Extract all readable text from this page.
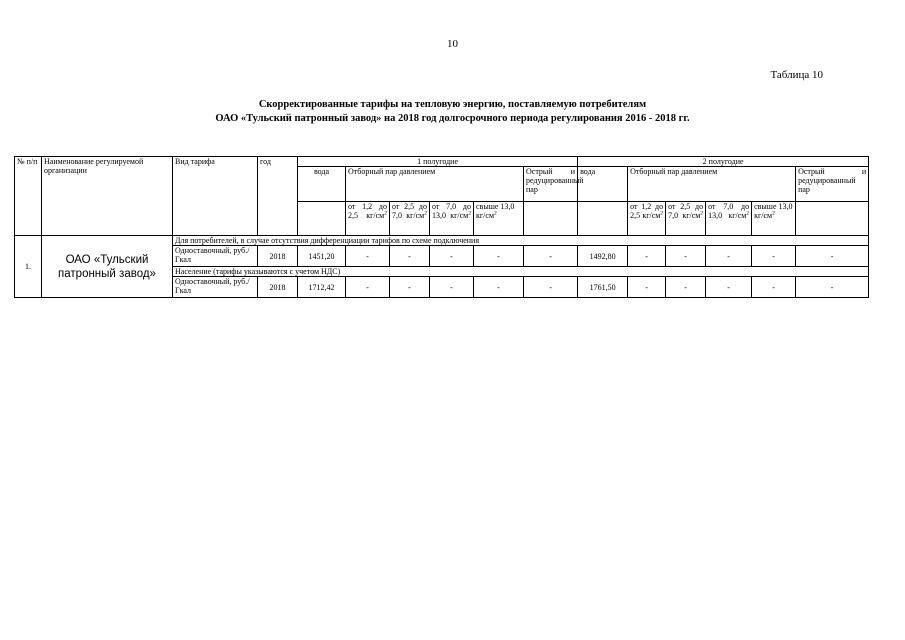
10
Таблица 10
Скорректированные тарифы на тепловую энергию, поставляемую потребителям
ОАО «Тульский патронный завод» на 2018 год долгосрочного периода регулирования 2016 - 2018 гг.
№ п/п	Наименование регулируемой организации	Вид тарифа	год	1 полугодие						2 полугодие					
				вода	Отборный пар давлением				Острый и редуцированный пар	вода	Отборный пар давлением				Острый и редуцированный пар
					от 1,2 до 2,5 $кг/см^2$	от 2,5 до 7,0 $кг/см^2$	от 7,0 до 13,0 $кг/см^2$	свыше 13,0 $кг/см^2$			от 1,2 до 2,5 $кг/см^2$	от 2,5 до 7,0 $кг/см^2$	от 7,0 до 13,0 $кг/см^2$	свыше 13,0 $кг/см^2$	
1.	ОАО «Тульский патронный завод»	Для потребителей, в случае отсутствия дифференциации тарифов по схеме подключения													
		Одноставочный, руб./Гкал	2018	1451,20	-	-	-	-	-	1492,80	-	-	-	-	-
		Население (тарифы указываются с учетом НДС)													
		Одноставочный, руб./Гкал	2018	1712,42	-	-	-	-	-	1761,50	-	-	-	-	-
